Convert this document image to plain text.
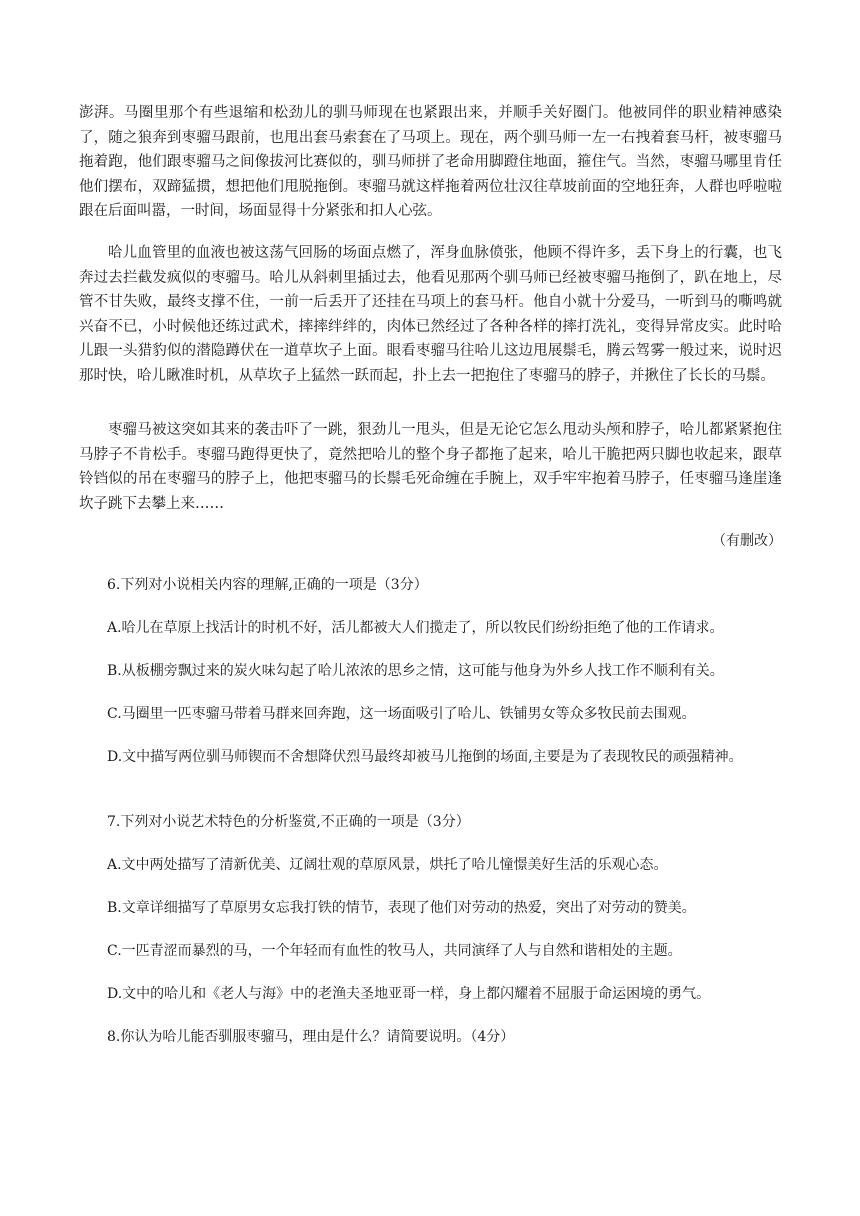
澎湃。马圈里那个有些退缩和松劲儿的驯马师现在也紧跟出来，并顺手关好圈门。他被同伴的职业精神感染了，随之狼奔到枣骝马跟前，也甩出套马索套在了马项上。现在，两个驯马师一左一右拽着套马杆，被枣骝马拖着跑，他们跟枣骝马之间像拔河比赛似的，驯马师拼了老命用脚蹬住地面，箍住气。当然，枣骝马哪里肯任他们摆布，双蹄猛掼，想把他们甩脱拖倒。枣骝马就这样拖着两位壮汉往草坡前面的空地狂奔，人群也呼啦啦跟在后面叫嚣，一时间，场面显得十分紧张和扣人心弦。

哈儿血管里的血液也被这荡气回肠的场面点燃了，浑身血脉偾张，他顾不得许多，丢下身上的行囊，也飞奔过去拦截发疯似的枣骝马。哈儿从斜刺里插过去，他看见那两个驯马师已经被枣骝马拖倒了，趴在地上，尽管不甘失败，最终支撑不住，一前一后丢开了还挂在马项上的套马杆。他自小就十分爱马，一听到马的嘶鸣就兴奋不已，小时候他还练过武术，摔摔绊绊的，肉体已然经过了各种各样的摔打洗礼，变得异常皮实。此时哈儿跟一头猎豹似的潜隐蹲伏在一道草坎子上面。眼看枣骝马往哈儿这边甩展鬃毛，腾云驾雾一般过来，说时迟那时快，哈儿瞅准时机，从草坎子上猛然一跃而起，扑上去一把抱住了枣骝马的脖子，并揪住了长长的马鬃。

枣骝马被这突如其来的袭击吓了一跳，狠劲儿一甩头，但是无论它怎么甩动头颅和脖子，哈儿都紧紧抱住马脖子不肯松手。枣骝马跑得更快了，竟然把哈儿的整个身子都拖了起来，哈儿干脆把两只脚也收起来，跟草铃铛似的吊在枣骝马的脖子上，他把枣骝马的长鬃毛死命缠在手腕上，双手牢牢抱着马脖子，任枣骝马逢崖逢坎子跳下去攀上来……

（有删改）

6.下列对小说相关内容的理解,正确的一项是（3分）

A.哈儿在草原上找活计的时机不好，活儿都被大人们揽走了，所以牧民们纷纷拒绝了他的工作请求。

B.从板棚旁飘过来的炭火味勾起了哈儿浓浓的思乡之情，这可能与他身为外乡人找工作不顺利有关。

C.马圈里一匹枣骝马带着马群来回奔跑，这一场面吸引了哈儿、铁铺男女等众多牧民前去围观。

D.文中描写两位驯马师锲而不舍想降伏烈马最终却被马儿拖倒的场面,主要是为了表现牧民的顽强精神。

7.下列对小说艺术特色的分析鉴赏,不正确的一项是（3分）

A.文中两处描写了清新优美、辽阔壮观的草原风景，烘托了哈儿憧憬美好生活的乐观心态。

B.文章详细描写了草原男女忘我打铁的情节，表现了他们对劳动的热爱，突出了对劳动的赞美。

C.一匹青涩而暴烈的马，一个年轻而有血性的牧马人，共同演绎了人与自然和谐相处的主题。

D.文中的哈儿和《老人与海》中的老渔夫圣地亚哥一样，身上都闪耀着不屈服于命运困境的勇气。

8.你认为哈儿能否驯服枣骝马，理由是什么？请简要说明。（4分）
